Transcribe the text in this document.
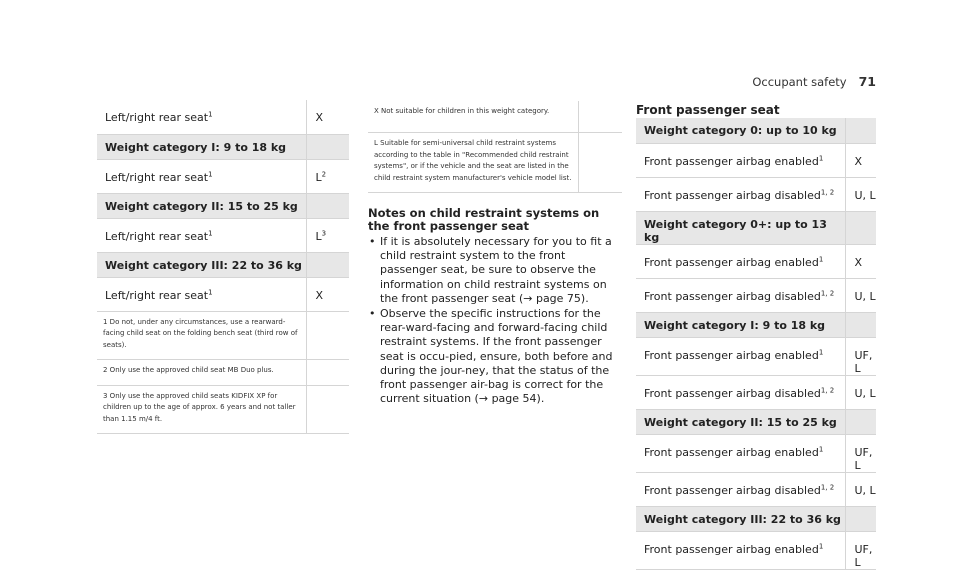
Occupant safety 71
Left/right rear seat$^1$	X
Weight category I: 9 to 18 kg	
Left/right rear seat$^1$	$L^2$
Weight category II: 15 to 25 kg	
Left/right rear seat$^1$	$L^3$
Weight category III: 22 to 36 kg	
Left/right rear seat$^1$	X
1 Do not, under any circumstances, use a rearward-facing child seat on the folding bench seat (third row of seats).	
2 Only use the approved child seat MB Duo plus.	
3 Only use the approved child seats KIDFIX XP for children up to the age of approx. 6 years and not taller than 1.15 m/4 ft.	
X Not suitable for children in this weight category.	
L Suitable for semi-universal child restraint systems according to the table in "Recommended child restraint systems", or if the vehicle and the seat are listed in the child restraint system manufacturer's vehicle model list.	
Notes on child restraint systems on the front passenger seat
• If it is absolutely necessary for you to fit a child restraint system to the front passenger seat, be sure to observe the information on child restraint systems on the front passenger seat (→ page 75).
• Observe the specific instructions for the rear-ward-facing and forward-facing child restraint systems. If the front passenger seat is occu-pied, ensure, both before and during the jour-ney, that the status of the front passenger air-bag is correct for the current situation (→ page 54).
Front passenger seat
Weight category 0: up to 10 kg	
Front passenger airbag enabled$^1$	X
Front passenger airbag disabled$^{1, 2}$	U, L
Weight category 0+: up to 13 kg	
Front passenger airbag enabled$^1$	X
Front passenger airbag disabled$^{1, 2}$	U, L
Weight category I: 9 to 18 kg	
Front passenger airbag enabled$^1$	UF, L
Front passenger airbag disabled$^{1, 2}$	U, L
Weight category II: 15 to 25 kg	
Front passenger airbag enabled$^1$	UF, L
Front passenger airbag disabled$^{1, 2}$	U, L
Weight category III: 22 to 36 kg	
Front passenger airbag enabled$^1$	UF, L
